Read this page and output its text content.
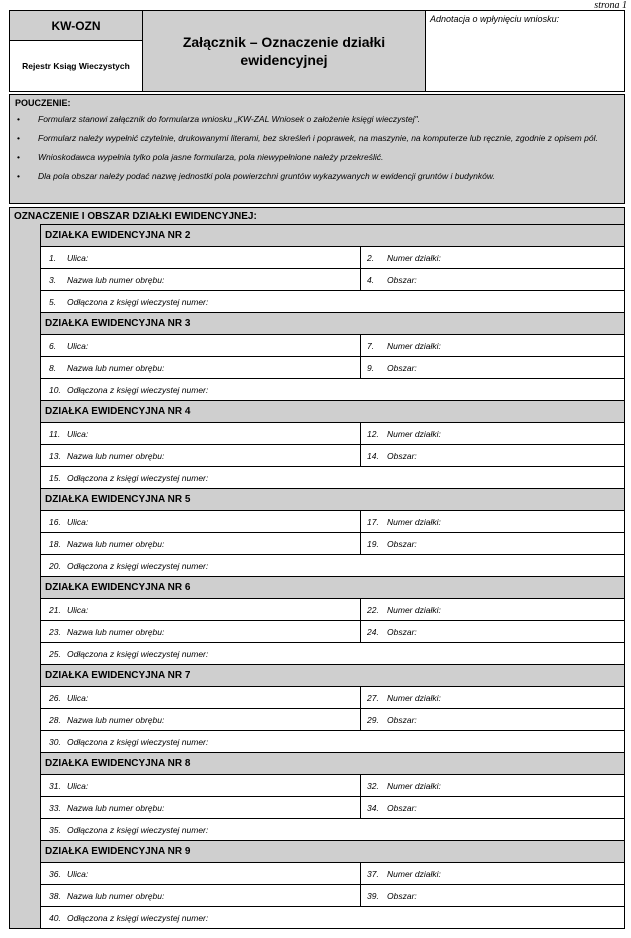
strona 1
KW-OZN
Rejestr Ksiąg Wieczystych
Załącznik – Oznaczenie działki ewidencyjnej
Adnotacja o wpłynięciu wniosku:
POUCZENIE:
• Formularz stanowi załącznik do formularza wniosku „KW-ZAL Wniosek o założenie księgi wieczystej".
• Formularz należy wypełnić czytelnie, drukowanymi literami, bez skreśleń i poprawek, na maszynie, na komputerze lub ręcznie, zgodnie z opisem pól.
• Wnioskodawca wypełnia tylko pola jasne formularza, pola niewypełnione należy przekreślić.
• Dla pola obszar należy podać nazwę jednostki pola powierzchni gruntów wykazywanych w ewidencji gruntów i budynków.
OZNACZENIE I OBSZAR DZIAŁKI EWIDENCYJNEJ:
DZIAŁKA EWIDENCYJNA NR 2
1.	Ulica:	2.	Numer działki:
3.	Nazwa lub numer obrębu:	4.	Obszar:
5.	Odłączona z księgi wieczystej numer:
DZIAŁKA EWIDENCYJNA NR 3
6.	Ulica:	7.	Numer działki:
8.	Nazwa lub numer obrębu:	9.	Obszar:
10. Odłączona z księgi wieczystej numer:
DZIAŁKA EWIDENCYJNA NR 4
11. Ulica:	12. Numer działki:
13. Nazwa lub numer obrębu:	14. Obszar:
15. Odłączona z księgi wieczystej numer:
DZIAŁKA EWIDENCYJNA NR 5
16. Ulica:	17. Numer działki:
18. Nazwa lub numer obrębu:	19. Obszar:
20. Odłączona z księgi wieczystej numer:
DZIAŁKA EWIDENCYJNA NR 6
21. Ulica:	22. Numer działki:
23. Nazwa lub numer obrębu:	24. Obszar:
25. Odłączona z księgi wieczystej numer:
DZIAŁKA EWIDENCYJNA NR 7
26. Ulica:	27. Numer działki:
28. Nazwa lub numer obrębu:	29. Obszar:
30. Odłączona z księgi wieczystej numer:
DZIAŁKA EWIDENCYJNA NR 8
31. Ulica:	32. Numer działki:
33. Nazwa lub numer obrębu:	34. Obszar:
35. Odłączona z księgi wieczystej numer:
DZIAŁKA EWIDENCYJNA NR 9
36. Ulica:	37. Numer działki:
38. Nazwa lub numer obrębu:	39. Obszar:
40. Odłączona z księgi wieczystej numer:
